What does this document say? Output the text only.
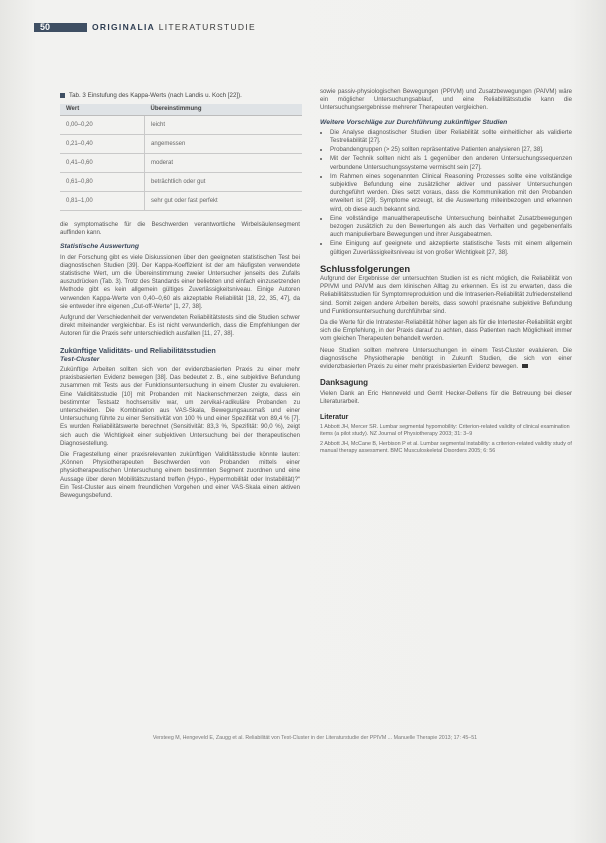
50	ORIGINALIA LITERATURSTUDIE
Tab. 3 Einstufung des Kappa-Werts (nach Landis u. Koch [22]).
Wert	Übereinstimmung
0,00–0,20	leicht
0,21–0,40	angemessen
0,41–0,60	moderat
0,61–0,80	beträchtlich oder gut
0,81–1,00	sehr gut oder fast perfekt

die symptomatische für die Beschwerden verantwortliche Wirbelsäulensegment auffinden kann.

Statistische Auswertung

In der Forschung gibt es viele Diskussionen über den geeigneten statistischen Test bei diagnostischen Studien [39]. Der Kappa-Koeffizient ist der am häufigsten verwendete statistische Wert, um die Übereinstimmung zweier Untersucher jenseits des Zufalls auszudrücken (Tab. 3). Trotz des Standards einer beliebten und einfach einzusetzenden Methode gibt es kein allgemein gültiges Zuverlässigkeitsniveau. Einige Autoren verwenden Kappa-Werte von 0,40–0,60 als akzeptable Reliabilität [18, 22, 35, 47], da sie entweder ihre eigenen „Cut-off-Werte“ [1, 27, 38].

Aufgrund der Verschiedenheit der verwendeten Reliabilitätstests sind die Studien schwer direkt miteinander vergleichbar. Es ist nicht verwunderlich, dass die Empfehlungen der Autoren für die Praxis sehr unterschiedlich ausfallen [11, 27, 38].

Zukünftige Validitäts- und Reliabilitätsstudien
Test-Cluster

Zukünftige Arbeiten sollten sich von der evidenzbasierten Praxis zu einer mehr praxisbasierten Evidenz bewegen [38]. Das bedeutet z. B., eine subjektive Befundung zusammen mit Tests aus der Funktionsuntersuchung in einem Cluster zu evaluieren. Eine Validitätsstudie [10] mit Probanden mit Nackenschmerzen zeigte, dass ein bestimmter Testsatz hochsensitiv war, um zervikal-radikuläre Probanden zu unterscheiden. Die Kombination aus VAS-Skala, Bewegungsausmaß und einer Untersuchung führte zu einer Sensitivität von 100 % und einer Spezifität von 89,4 % [7]. Es wurden Reliabilitätswerte berechnet (Sensitivität: 83,3 %, Spezifität: 90,0 %), zeigt sich auch die Wichtigkeit einer subjektiven Untersuchung bei der therapeutischen Diagnosestellung.

Die Fragestellung einer praxisrelevanten zukünftigen Validitätsstudie könnte lauten: „Können Physiotherapeuten Beschwerden von Probanden mittels einer physiotherapeutischen Untersuchung einem bestimmten Segment zuordnen und eine Aussage über deren Mobilitätszustand treffen (Hypo-, Hypermobilität oder Instabilität)?“ Ein Test-Cluster aus einem freundlichen Vorgehen und einer VAS-Skala einen aktiven Bewegungsbefund.

sowie passiv-physiologischen Bewegungen (PPIVM) und Zusatzbewegungen (PAIVM) wäre ein möglicher Untersuchungsablauf, und eine Reliabilitätsstudie kann die Untersuchungsergebnisse mehrerer Therapeuten vergleichen.

Weitere Vorschläge zur Durchführung zukünftiger Studien
• Die Analyse diagnostischer Studien über Reliabilität sollte einheitlicher als validierte Testreliabilität [27].
• Probandengruppen (> 25) sollten repräsentative Patienten analysieren [27, 38].
• Mit der Technik sollten nicht als 1 gegenüber den anderen Untersuchungssequenzen verbundene Untersuchungssysteme vermischt sein [27].
• Im Rahmen eines sogenannten Clinical Reasoning Prozesses sollte eine vollständige subjektive Befundung eine zusätzlicher aktiver und passiver Untersuchungen durchgeführt werden. Dies setzt voraus, dass die Kommunikation mit den Probanden erweitert ist [29]. Symptome erzeugt, ist die Auswertung miteinbezogen und erkennen wird, ob diese auch bekannt sind.
• Eine vollständige manualtherapeutische Untersuchung beinhaltet Zusatzbewegungen bezogen zusätzlich zu den Bewertungen als auch das Verhalten und gegebenenfalls auch manipulierbare Bewegungen und ihrer Ausgabeatmen.
• Eine Einigung auf geeignete und akzeptierte statistische Tests mit einem allgemein gültigen Zuverlässigkeitsniveau ist von großer Wichtigkeit [27, 38].
Schlussfolgerungen

Aufgrund der Ergebnisse der untersuchten Studien ist es nicht möglich, die Reliabilität von PPIVM und PAIVM aus dem klinischen Alltag zu erkennen. Es ist zu erwarten, dass die Reliabilitätsstudien für Symptomreproduktion und die Intraserien-Reliabilität zufriedenstellend sind. Somit zeigen andere Arbeiten bereits, dass sowohl praxisnahe subjektive Befundung und Funktionsuntersuchung durchführbar sind.

Da die Werte für die Intratester-Reliabilität höher lagen als für die Intertester-Reliabilität ergibt sich die Empfehlung, in der Praxis darauf zu achten, dass Patienten nach Möglichkeit immer vom gleichen Therapeuten behandelt werden.

Neue Studien sollten mehrere Untersuchungen in einem Test-Cluster evaluieren. Die diagnostische Physiotherapie benötigt in Zukunft Studien, die sich von einer evidenzbasierten Praxis zu einer mehr praxisbasierten Evidenz bewegen.

Danksagung

Vielen Dank an Eric Henneveld und Gerrit Hecker-Dellens für die Betreuung bei dieser Literaturarbeit.

Literatur
1 Abbott JH, Mercer SR. Lumbar segmental hypomobility: Criterion-related validity of clinical examination items (a pilot study). NZ Journal of Physiotherapy 2003; 31: 3–9
2 Abbott JH, McCane B, Herbison P et al. Lumbar segmental instability: a criterion-related validity study of manual therapy assessment. BMC Musculoskeletal Disorders 2005; 6: 56
Versteeg M, Hengeveld E, Zaugg et al. Reliabilität von Test-Cluster in der Literaturstudie der PPIVM ... Manuelle Therapie 2013; 17: 45–51
